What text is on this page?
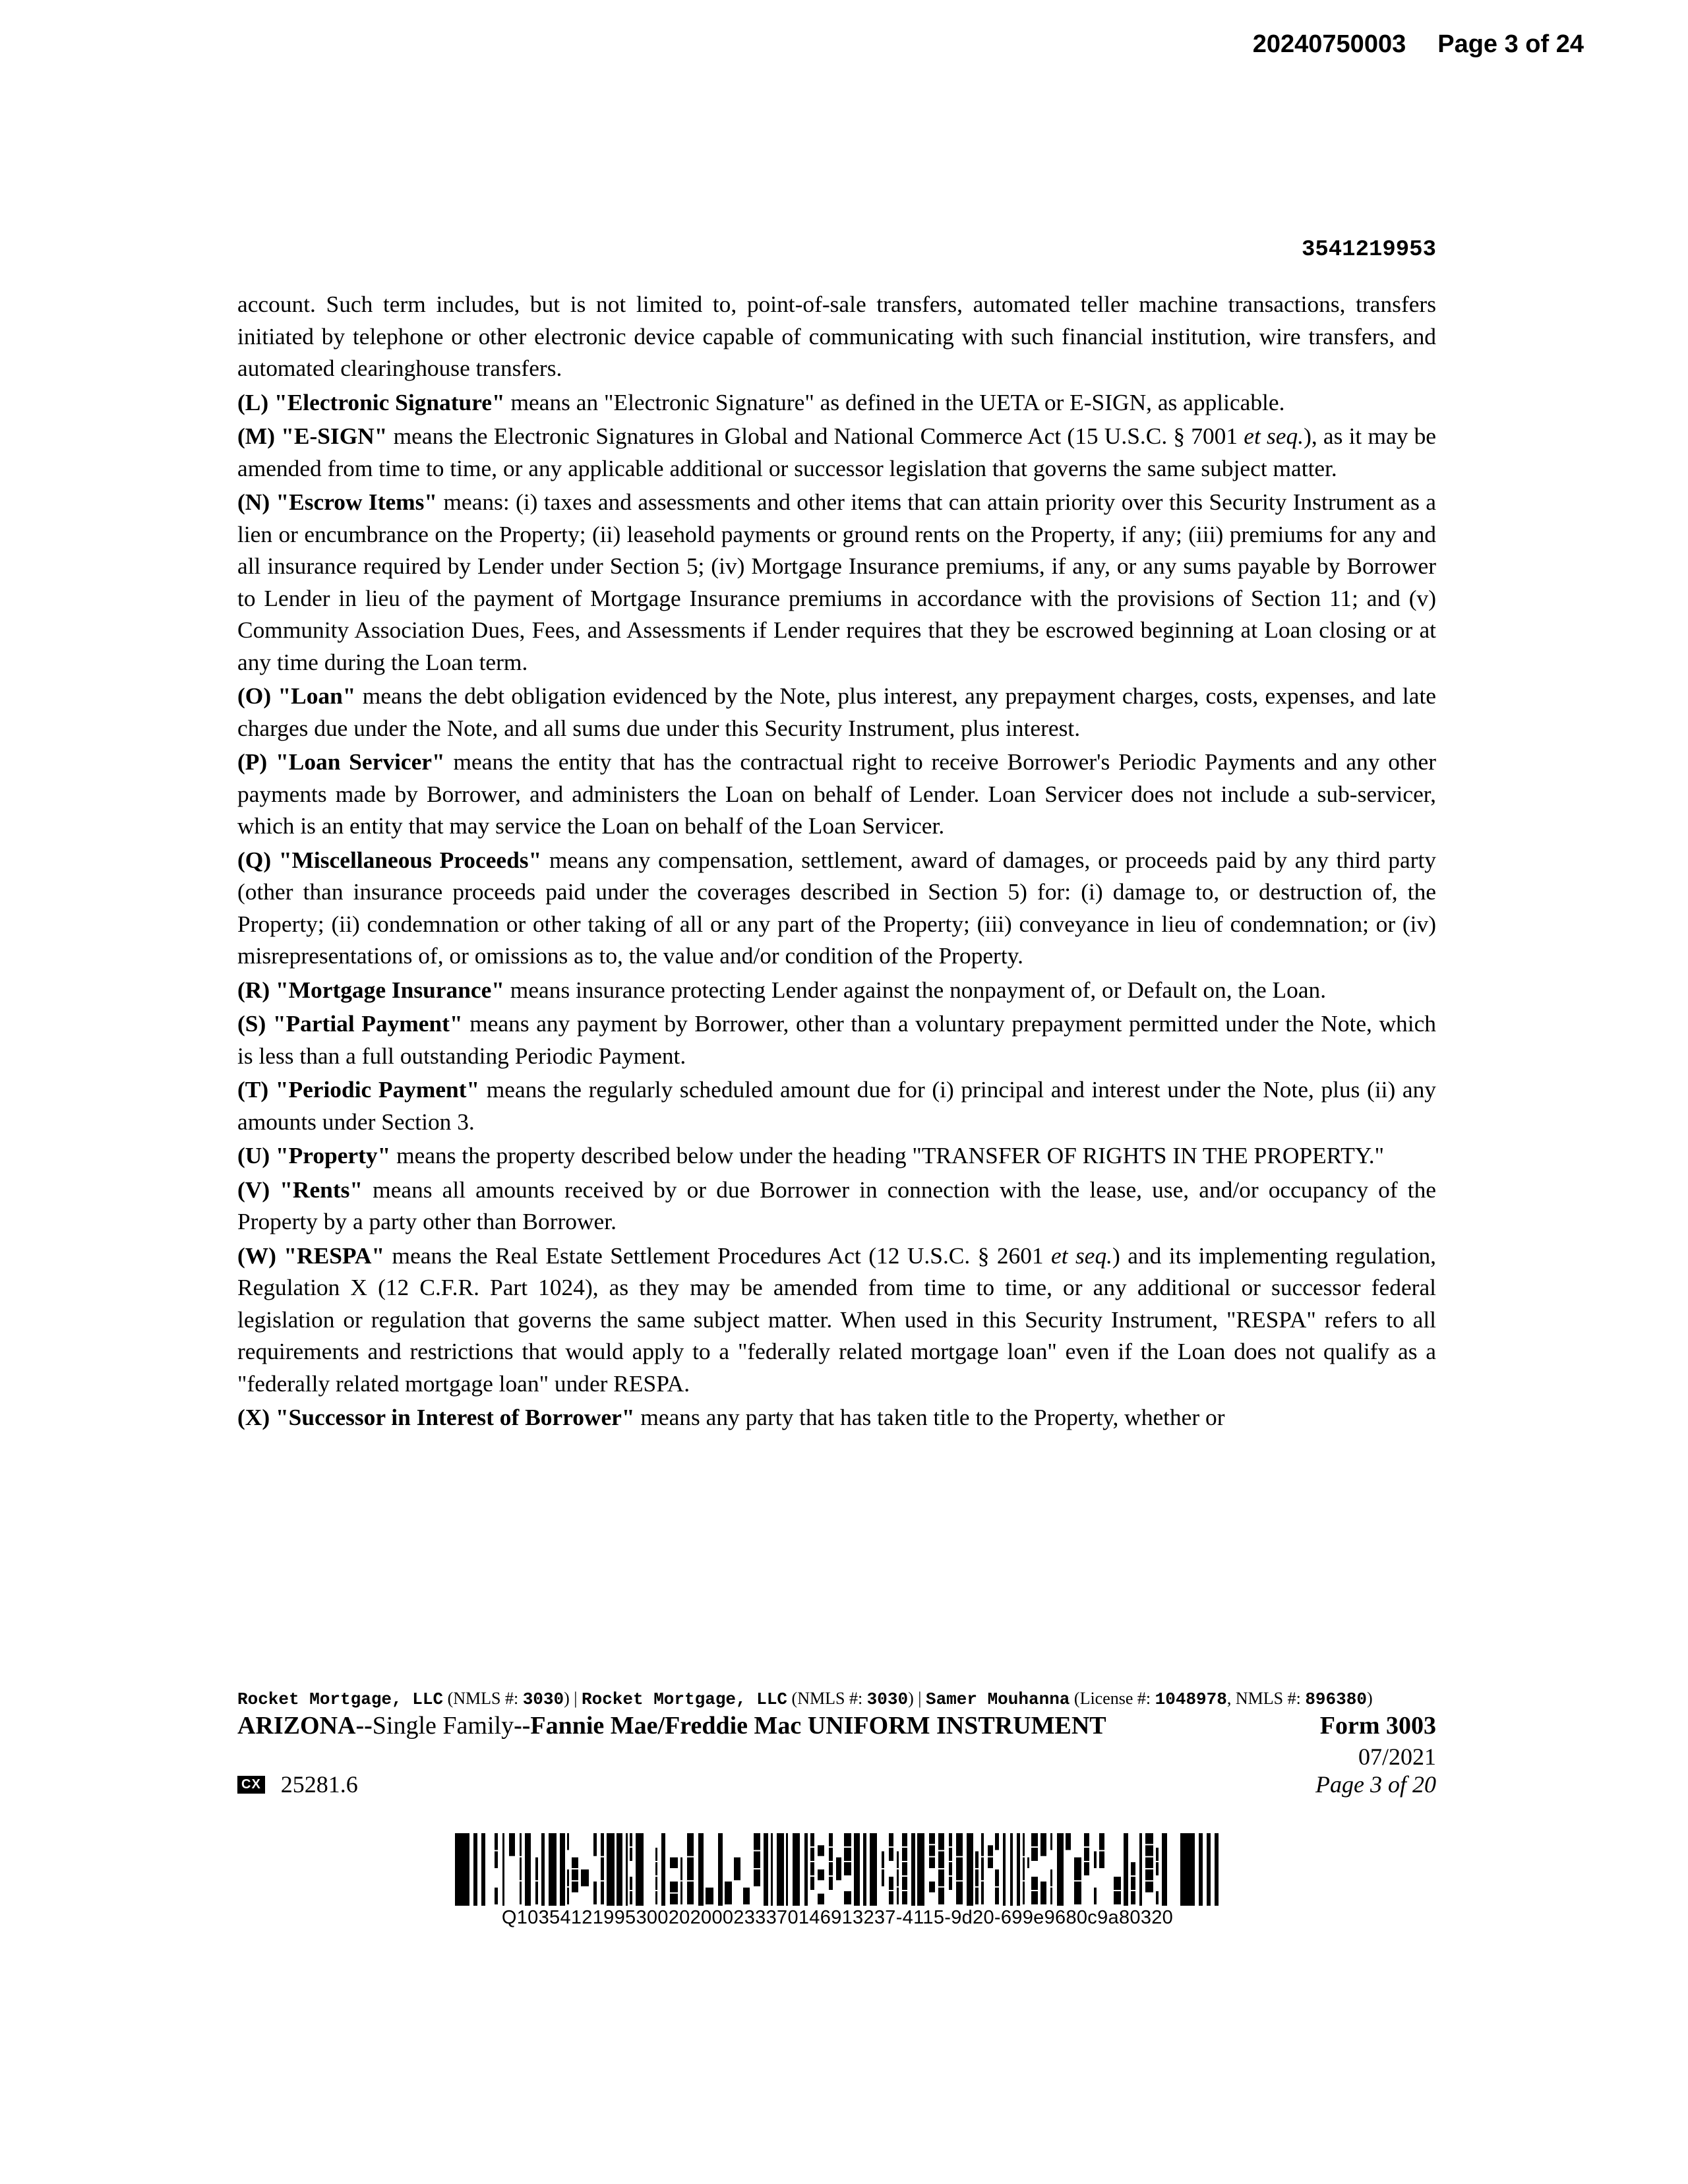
20240750003 Page 3 of 24
3541219953

account. Such term includes, but is not limited to, point-of-sale transfers, automated teller machine transactions, transfers initiated by telephone or other electronic device capable of communicating with such financial institution, wire transfers, and automated clearinghouse transfers.

(L) "Electronic Signature" means an "Electronic Signature" as defined in the UETA or E-SIGN, as applicable.

(M) "E-SIGN" means the Electronic Signatures in Global and National Commerce Act (15 U.S.C. § 7001 et seq.), as it may be amended from time to time, or any applicable additional or successor legislation that governs the same subject matter.

(N) "Escrow Items" means: (i) taxes and assessments and other items that can attain priority over this Security Instrument as a lien or encumbrance on the Property; (ii) leasehold payments or ground rents on the Property, if any; (iii) premiums for any and all insurance required by Lender under Section 5; (iv) Mortgage Insurance premiums, if any, or any sums payable by Borrower to Lender in lieu of the payment of Mortgage Insurance premiums in accordance with the provisions of Section 11; and (v) Community Association Dues, Fees, and Assessments if Lender requires that they be escrowed beginning at Loan closing or at any time during the Loan term.

(O) "Loan" means the debt obligation evidenced by the Note, plus interest, any prepayment charges, costs, expenses, and late charges due under the Note, and all sums due under this Security Instrument, plus interest.

(P) "Loan Servicer" means the entity that has the contractual right to receive Borrower's Periodic Payments and any other payments made by Borrower, and administers the Loan on behalf of Lender. Loan Servicer does not include a sub-servicer, which is an entity that may service the Loan on behalf of the Loan Servicer.

(Q) "Miscellaneous Proceeds" means any compensation, settlement, award of damages, or proceeds paid by any third party (other than insurance proceeds paid under the coverages described in Section 5) for: (i) damage to, or destruction of, the Property; (ii) condemnation or other taking of all or any part of the Property; (iii) conveyance in lieu of condemnation; or (iv) misrepresentations of, or omissions as to, the value and/or condition of the Property.

(R) "Mortgage Insurance" means insurance protecting Lender against the nonpayment of, or Default on, the Loan.

(S) "Partial Payment" means any payment by Borrower, other than a voluntary prepayment permitted under the Note, which is less than a full outstanding Periodic Payment.

(T) "Periodic Payment" means the regularly scheduled amount due for (i) principal and interest under the Note, plus (ii) any amounts under Section 3.

(U) "Property" means the property described below under the heading "TRANSFER OF RIGHTS IN THE PROPERTY."

(V) "Rents" means all amounts received by or due Borrower in connection with the lease, use, and/or occupancy of the Property by a party other than Borrower.

(W) "RESPA" means the Real Estate Settlement Procedures Act (12 U.S.C. § 2601 et seq.) and its implementing regulation, Regulation X (12 C.F.R. Part 1024), as they may be amended from time to time, or any additional or successor federal legislation or regulation that governs the same subject matter. When used in this Security Instrument, "RESPA" refers to all requirements and restrictions that would apply to a "federally related mortgage loan" even if the Loan does not qualify as a "federally related mortgage loan" under RESPA.

(X) "Successor in Interest of Borrower" means any party that has taken title to the Property, whether or

Rocket Mortgage, LLC (NMLS #: 3030) | Rocket Mortgage, LLC (NMLS #: 3030) | Samer Mouhanna (License #: 1048978, NMLS #: 896380)
ARIZONA--Single Family--Fannie Mae/Freddie Mac UNIFORM INSTRUMENT	Form 3003
CX 25281.6
07/2021
Page 3 of 20
Q10354121995300202000233370146913237-4115-9d20-699e9680c9a80320
